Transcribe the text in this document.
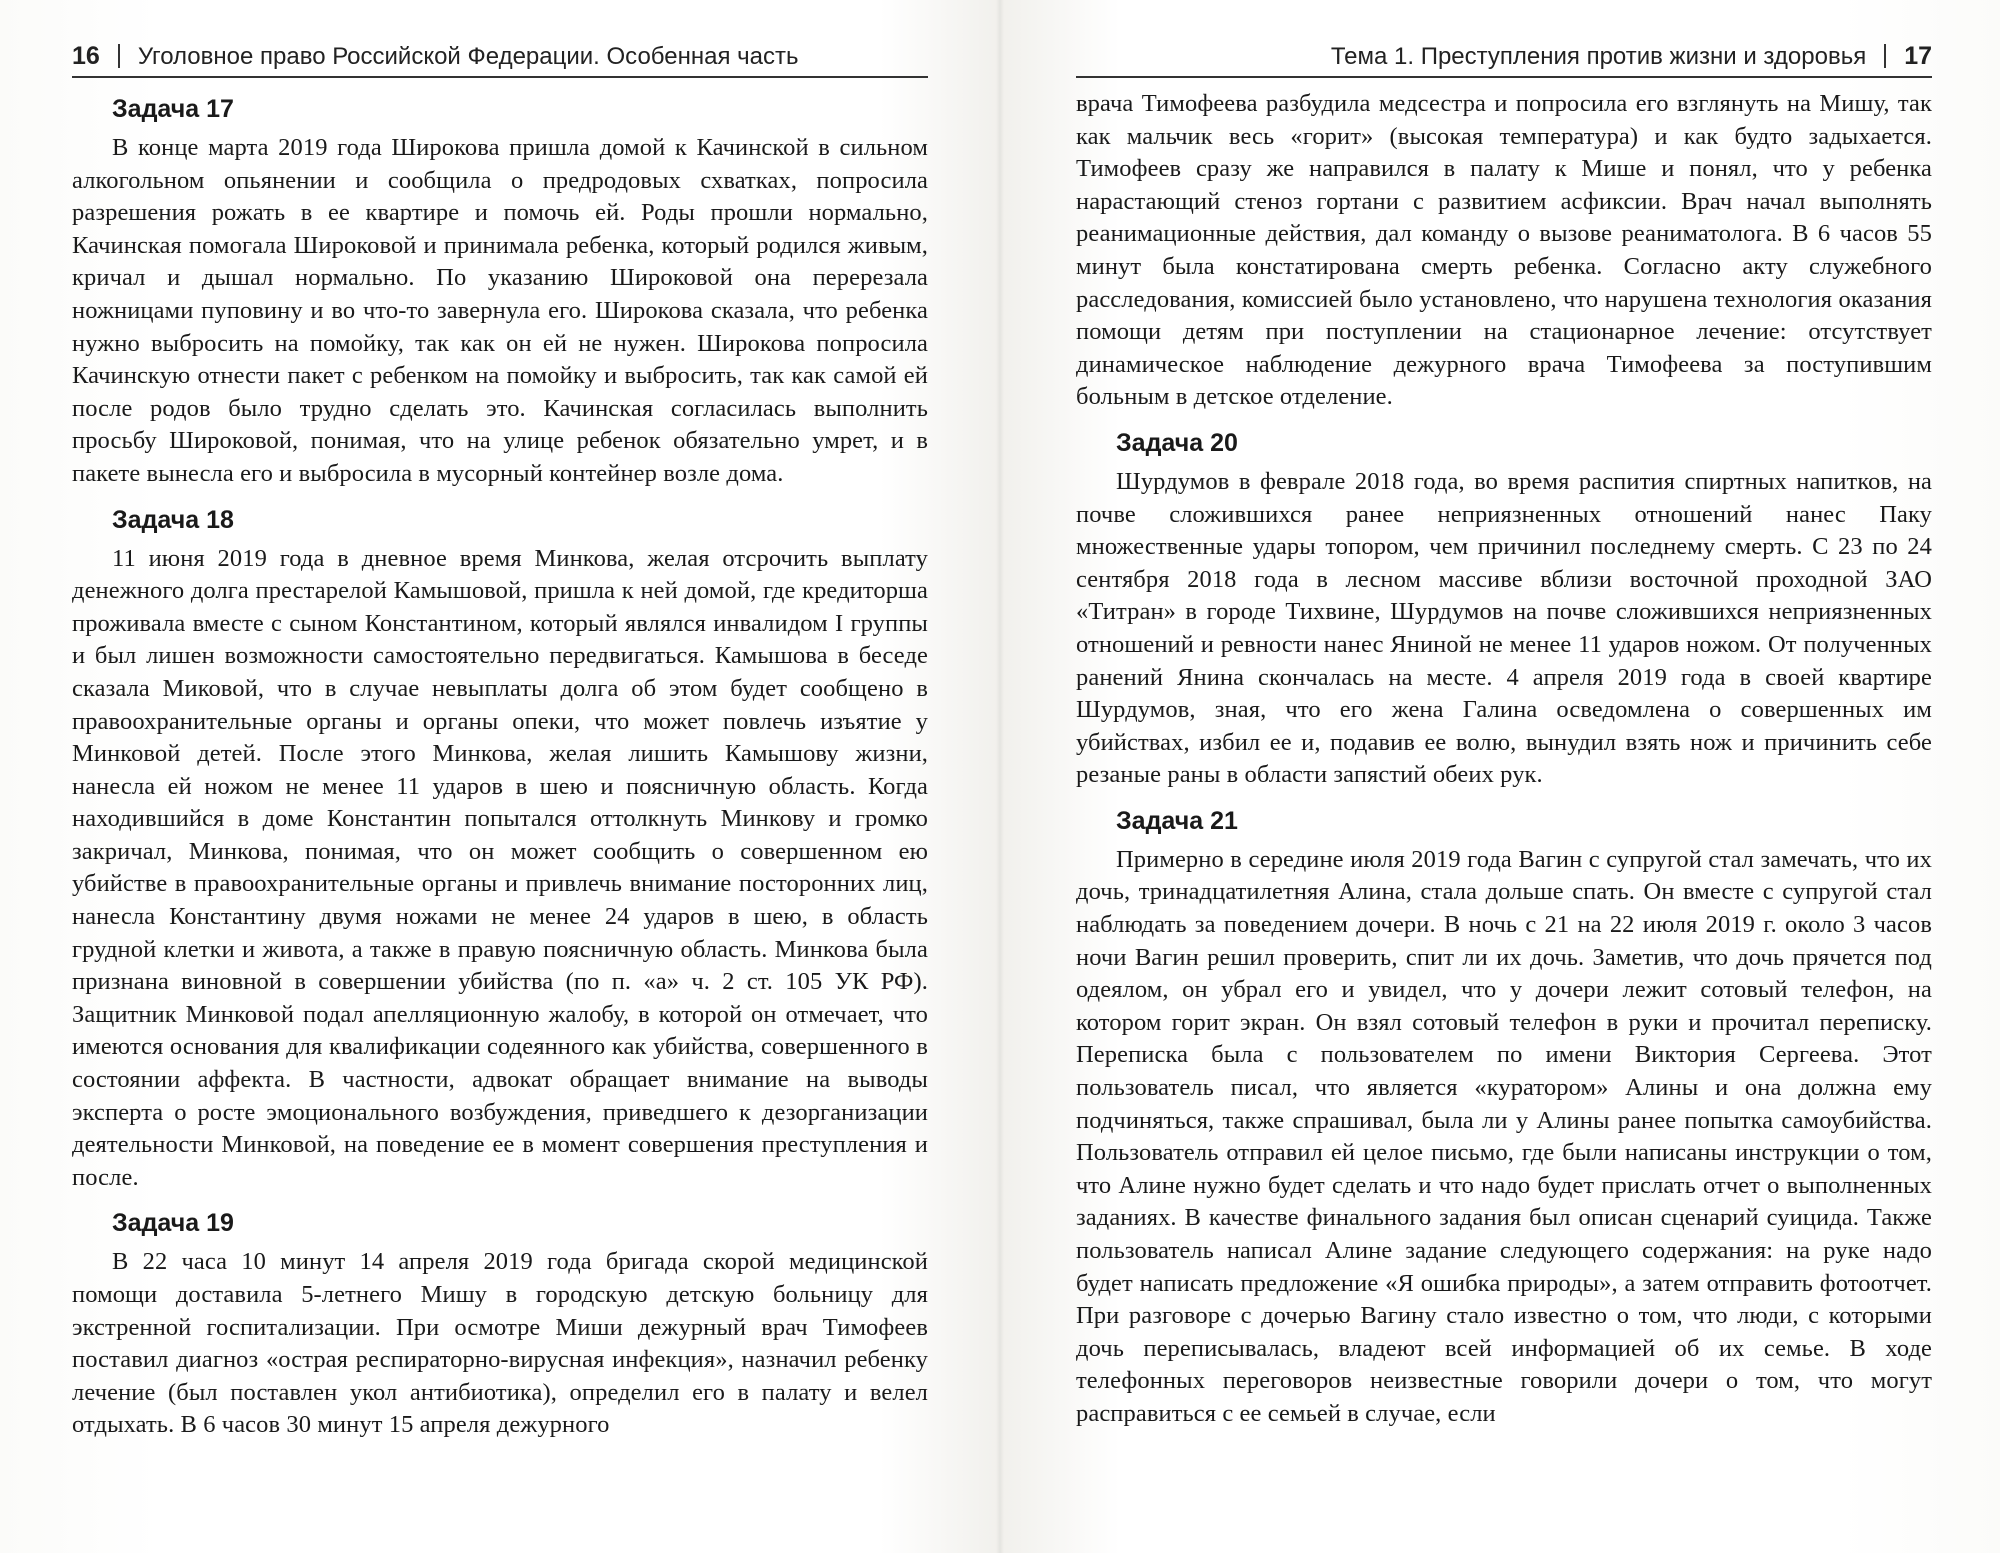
16 Уголовное право Российской Федерации. Особенная часть
Задача 17

В конце марта 2019 года Широкова пришла домой к Качинской в сильном алкогольном опьянении и сообщила о предродовых схватках, попросила разрешения рожать в ее квартире и помочь ей. Роды прошли нормально, Качинская помогала Широковой и принимала ребенка, который родился живым, кричал и дышал нормально. По указанию Широковой она перерезала ножницами пуповину и во что-то завернула его. Широкова сказала, что ребенка нужно выбросить на помойку, так как он ей не нужен. Широкова попросила Качинскую отнести пакет с ребенком на помойку и выбросить, так как самой ей после родов было трудно сделать это. Качинская согласилась выполнить просьбу Широковой, понимая, что на улице ребенок обязательно умрет, и в пакете вынесла его и выбросила в мусорный контейнер возле дома.

Задача 18

11 июня 2019 года в дневное время Минкова, желая отсрочить выплату денежного долга престарелой Камышовой, пришла к ней домой, где кредиторша проживала вместе с сыном Константином, который являлся инвалидом I группы и был лишен возможности самостоятельно передвигаться. Камышова в беседе сказала Миковой, что в случае невыплаты долга об этом будет сообщено в правоохранительные органы и органы опеки, что может повлечь изъятие у Минковой детей. После этого Минкова, желая лишить Камышову жизни, нанесла ей ножом не менее 11 ударов в шею и поясничную область. Когда находившийся в доме Константин попытался оттолкнуть Минкову и громко закричал, Минкова, понимая, что он может сообщить о совершенном ею убийстве в правоохранительные органы и привлечь внимание посторонних лиц, нанесла Константину двумя ножами не менее 24 ударов в шею, в область грудной клетки и живота, а также в правую поясничную область. Минкова была признана виновной в совершении убийства (по п. «а» ч. 2 ст. 105 УК РФ). Защитник Минковой подал апелляционную жалобу, в которой он отмечает, что имеются основания для квалификации содеянного как убийства, совершенного в состоянии аффекта. В частности, адвокат обращает внимание на выводы эксперта о росте эмоционального возбуждения, приведшего к дезорганизации деятельности Минковой, на поведение ее в момент совершения преступления и после.

Задача 19

В 22 часа 10 минут 14 апреля 2019 года бригада скорой медицинской помощи доставила 5-летнего Мишу в городскую детскую больницу для экстренной госпитализации. При осмотре Миши дежурный врач Тимофеев поставил диагноз «острая респираторно-вирусная инфекция», назначил ребенку лечение (был поставлен укол антибиотика), определил его в палату и велел отдыхать. В 6 часов 30 минут 15 апреля дежурного

Тема 1. Преступления против жизни и здоровья 17

врача Тимофеева разбудила медсестра и попросила его взглянуть на Мишу, так как мальчик весь «горит» (высокая температура) и как будто задыхается. Тимофеев сразу же направился в палату к Мише и понял, что у ребенка нарастающий стеноз гортани с развитием асфиксии. Врач начал выполнять реанимационные действия, дал команду о вызове реаниматолога. В 6 часов 55 минут была констатирована смерть ребенка. Согласно акту служебного расследования, комиссией было установлено, что нарушена технология оказания помощи детям при поступлении на стационарное лечение: отсутствует динамическое наблюдение дежурного врача Тимофеева за поступившим больным в детское отделение.

Задача 20

Шурдумов в феврале 2018 года, во время распития спиртных напитков, на почве сложившихся ранее неприязненных отношений нанес Паку множественные удары топором, чем причинил последнему смерть. С 23 по 24 сентября 2018 года в лесном массиве вблизи восточной проходной ЗАО «Титран» в городе Тихвине, Шурдумов на почве сложившихся неприязненных отношений и ревности нанес Яниной не менее 11 ударов ножом. От полученных ранений Янина скончалась на месте. 4 апреля 2019 года в своей квартире Шурдумов, зная, что его жена Галина осведомлена о совершенных им убийствах, избил ее и, подавив ее волю, вынудил взять нож и причинить себе резаные раны в области запястий обеих рук.

Задача 21

Примерно в середине июля 2019 года Вагин с супругой стал замечать, что их дочь, тринадцатилетняя Алина, стала дольше спать. Он вместе с супругой стал наблюдать за поведением дочери. В ночь с 21 на 22 июля 2019 г. около 3 часов ночи Вагин решил проверить, спит ли их дочь. Заметив, что дочь прячется под одеялом, он убрал его и увидел, что у дочери лежит сотовый телефон, на котором горит экран. Он взял сотовый телефон в руки и прочитал переписку. Переписка была с пользователем по имени Виктория Сергеева. Этот пользователь писал, что является «куратором» Алины и она должна ему подчиняться, также спрашивал, была ли у Алины ранее попытка самоубийства. Пользователь отправил ей целое письмо, где были написаны инструкции о том, что Алине нужно будет сделать и что надо будет прислать отчет о выполненных заданиях. В качестве финального задания был описан сценарий суицида. Также пользователь написал Алине задание следующего содержания: на руке надо будет написать предложение «Я ошибка природы», а затем отправить фотоотчет. При разговоре с дочерью Вагину стало известно о том, что люди, с которыми дочь переписывалась, владеют всей информацией об их семье. В ходе телефонных переговоров неизвестные говорили дочери о том, что могут расправиться с ее семьей в случае, если
